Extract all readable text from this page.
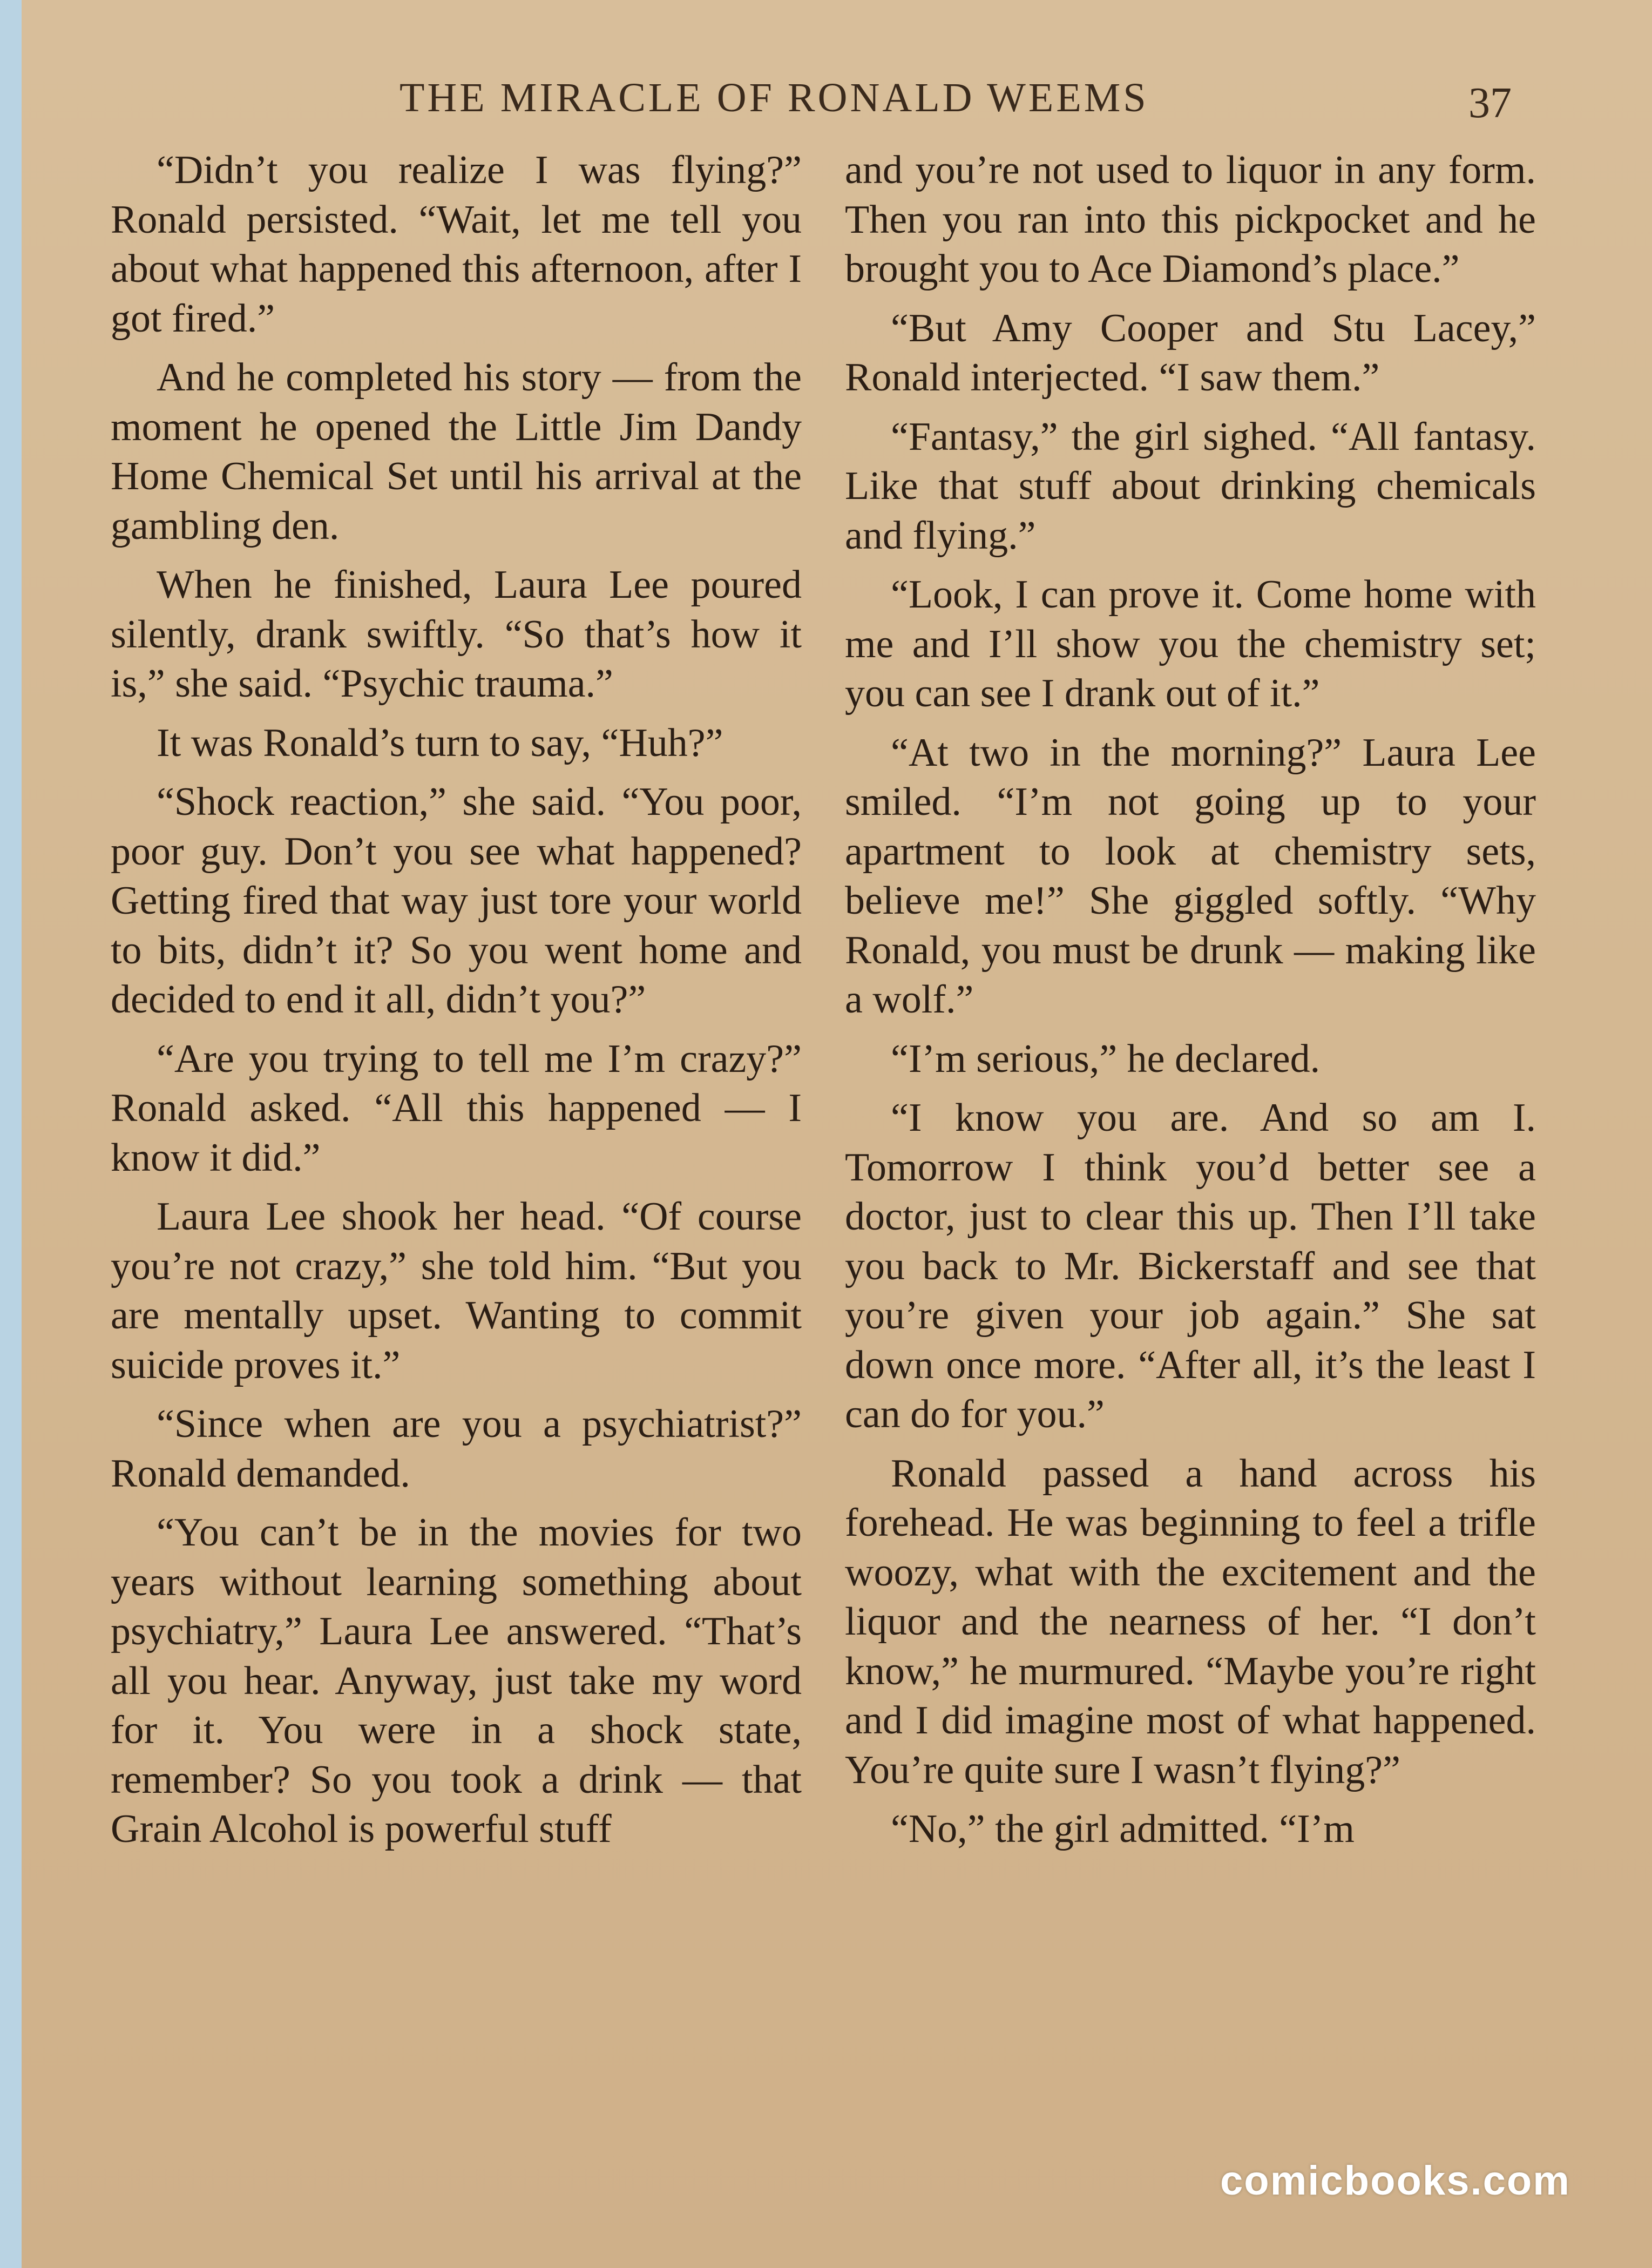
THE MIRACLE OF RONALD WEEMS	37

“Didn’t you realize I was flying?” Ronald persisted. “Wait, let me tell you about what happened this afternoon, after I got fired.”

And he completed his story — from the moment he opened the Little Jim Dandy Home Chemical Set until his arrival at the gambling den.

When he finished, Laura Lee poured silently, drank swiftly. “So that’s how it is,” she said. “Psychic trauma.”

It was Ronald’s turn to say, “Huh?”

“Shock reaction,” she said. “You poor, poor guy. Don’t you see what happened? Getting fired that way just tore your world to bits, didn’t it? So you went home and decided to end it all, didn’t you?”

“Are you trying to tell me I’m crazy?” Ronald asked. “All this happened — I know it did.”

Laura Lee shook her head. “Of course you’re not crazy,” she told him. “But you are mentally upset. Wanting to commit suicide proves it.”

“Since when are you a psychiatrist?” Ronald demanded.

“You can’t be in the movies for two years without learning something about psychiatry,” Laura Lee answered. “That’s all you hear. Anyway, just take my word for it. You were in a shock state, remember? So you took a drink — that Grain Alcohol is powerful stuff

and you’re not used to liquor in any form. Then you ran into this pickpocket and he brought you to Ace Diamond’s place.”

“But Amy Cooper and Stu Lacey,” Ronald interjected. “I saw them.”

“Fantasy,” the girl sighed. “All fantasy. Like that stuff about drinking chemicals and flying.”

“Look, I can prove it. Come home with me and I’ll show you the chemistry set; you can see I drank out of it.”

“At two in the morning?” Laura Lee smiled. “I’m not going up to your apartment to look at chemistry sets, believe me!” She giggled softly. “Why Ronald, you must be drunk — making like a wolf.”

“I’m serious,” he declared.

“I know you are. And so am I. Tomorrow I think you’d better see a doctor, just to clear this up. Then I’ll take you back to Mr. Bickerstaff and see that you’re given your job again.” She sat down once more. “After all, it’s the least I can do for you.”

Ronald passed a hand across his forehead. He was beginning to feel a trifle woozy, what with the excitement and the liquor and the nearness of her. “I don’t know,” he murmured. “Maybe you’re right and I did imagine most of what happened. You’re quite sure I wasn’t flying?”

“No,” the girl admitted. “I’m

comicbooks.com
